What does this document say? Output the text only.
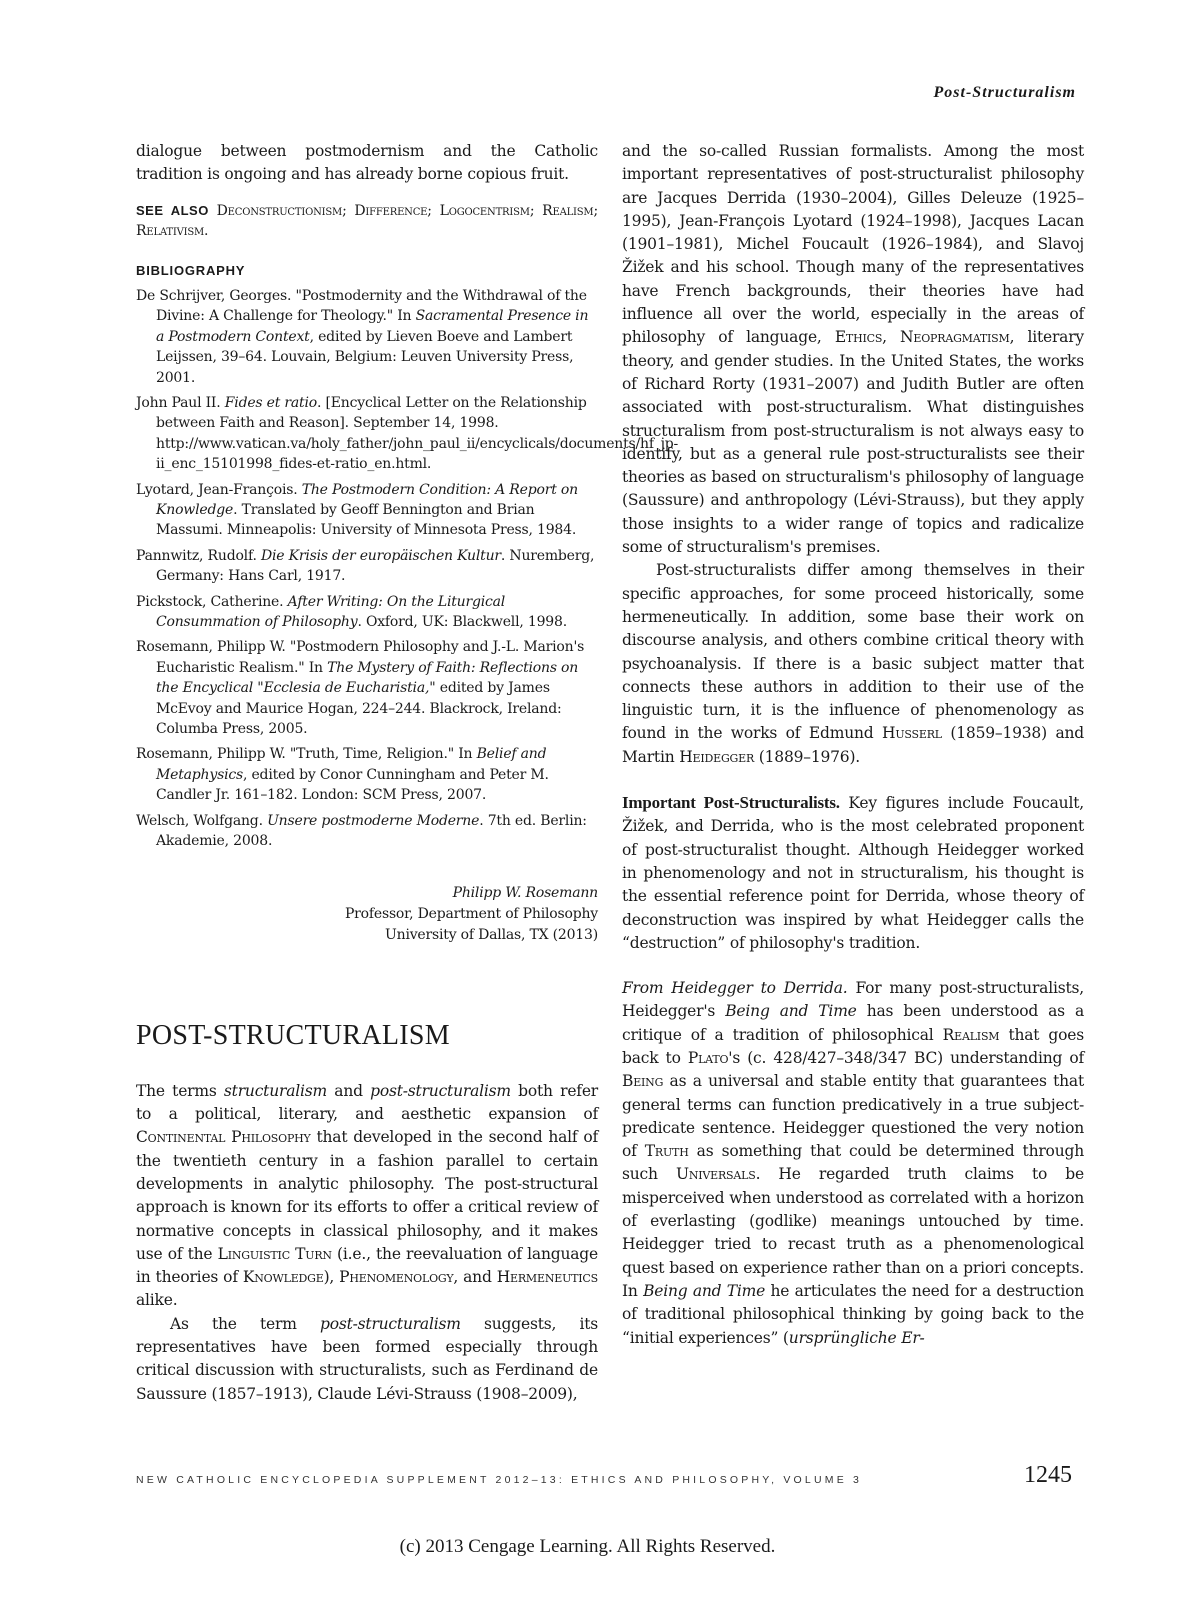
Post-Structuralism

dialogue between postmodernism and the Catholic tradition is ongoing and has already borne copious fruit.

SEE ALSO Deconstructionism; Difference; Logocentrism; Realism; Relativism.

BIBLIOGRAPHY
De Schrijver, Georges. "Postmodernity and the Withdrawal of the Divine: A Challenge for Theology." In Sacramental Presence in a Postmodern Context, edited by Lieven Boeve and Lambert Leijssen, 39–64. Louvain, Belgium: Leuven University Press, 2001.
John Paul II. Fides et ratio. [Encyclical Letter on the Relationship between Faith and Reason]. September 14, 1998. http://www.vatican.va/holy_father/john_paul_ii/encyclicals/documents/hf_jp-ii_enc_15101998_fides-et-ratio_en.html.
Lyotard, Jean-François. The Postmodern Condition: A Report on Knowledge. Translated by Geoff Bennington and Brian Massumi. Minneapolis: University of Minnesota Press, 1984.
Pannwitz, Rudolf. Die Krisis der europäischen Kultur. Nuremberg, Germany: Hans Carl, 1917.
Pickstock, Catherine. After Writing: On the Liturgical Consummation of Philosophy. Oxford, UK: Blackwell, 1998.
Rosemann, Philipp W. "Postmodern Philosophy and J.-L. Marion's Eucharistic Realism." In The Mystery of Faith: Reflections on the Encyclical "Ecclesia de Eucharistia," edited by James McEvoy and Maurice Hogan, 224–244. Blackrock, Ireland: Columba Press, 2005.
Rosemann, Philipp W. "Truth, Time, Religion." In Belief and Metaphysics, edited by Conor Cunningham and Peter M. Candler Jr. 161–182. London: SCM Press, 2007.
Welsch, Wolfgang. Unsere postmoderne Moderne. 7th ed. Berlin: Akademie, 2008.
Philipp W. Rosemann
Professor, Department of Philosophy
University of Dallas, TX (2013)
POST-STRUCTURALISM

The terms structuralism and post-structuralism both refer to a political, literary, and aesthetic expansion of Continental Philosophy that developed in the second half of the twentieth century in a fashion parallel to certain developments in analytic philosophy. The post-structural approach is known for its efforts to offer a critical review of normative concepts in classical philosophy, and it makes use of the Linguistic Turn (i.e., the reevaluation of language in theories of Knowledge), Phenomenology, and Hermeneutics alike.

As the term post-structuralism suggests, its representatives have been formed especially through critical discussion with structuralists, such as Ferdinand de Saussure (1857–1913), Claude Lévi-Strauss (1908–2009),

and the so-called Russian formalists. Among the most important representatives of post-structuralist philosophy are Jacques Derrida (1930–2004), Gilles Deleuze (1925–1995), Jean-François Lyotard (1924–1998), Jacques Lacan (1901–1981), Michel Foucault (1926–1984), and Slavoj Žižek and his school. Though many of the representatives have French backgrounds, their theories have had influence all over the world, especially in the areas of philosophy of language, Ethics, Neopragmatism, literary theory, and gender studies. In the United States, the works of Richard Rorty (1931–2007) and Judith Butler are often associated with post-structuralism. What distinguishes structuralism from post-structuralism is not always easy to identify, but as a general rule post-structuralists see their theories as based on structuralism's philosophy of language (Saussure) and anthropology (Lévi-Strauss), but they apply those insights to a wider range of topics and radicalize some of structuralism's premises.

Post-structuralists differ among themselves in their specific approaches, for some proceed historically, some hermeneutically. In addition, some base their work on discourse analysis, and others combine critical theory with psychoanalysis. If there is a basic subject matter that connects these authors in addition to their use of the linguistic turn, it is the influence of phenomenology as found in the works of Edmund Husserl (1859–1938) and Martin Heidegger (1889–1976).

Important Post-Structuralists. Key figures include Foucault, Žižek, and Derrida, who is the most celebrated proponent of post-structuralist thought. Although Heidegger worked in phenomenology and not in structuralism, his thought is the essential reference point for Derrida, whose theory of deconstruction was inspired by what Heidegger calls the “destruction” of philosophy's tradition.

From Heidegger to Derrida. For many post-structuralists, Heidegger's Being and Time has been understood as a critique of a tradition of philosophical Realism that goes back to Plato's (c. 428/427–348/347 BC) understanding of Being as a universal and stable entity that guarantees that general terms can function predicatively in a true subject-predicate sentence. Heidegger questioned the very notion of Truth as something that could be determined through such Universals. He regarded truth claims to be misperceived when understood as correlated with a horizon of everlasting (godlike) meanings untouched by time. Heidegger tried to recast truth as a phenomenological quest based on experience rather than on a priori concepts. In Being and Time he articulates the need for a destruction of traditional philosophical thinking by going back to the “initial experiences” (ursprüngliche Er-

NEW CATHOLIC ENCYCLOPEDIA SUPPLEMENT 2012–13: ETHICS AND PHILOSOPHY, VOLUME 3	1245
(c) 2013 Cengage Learning. All Rights Reserved.
